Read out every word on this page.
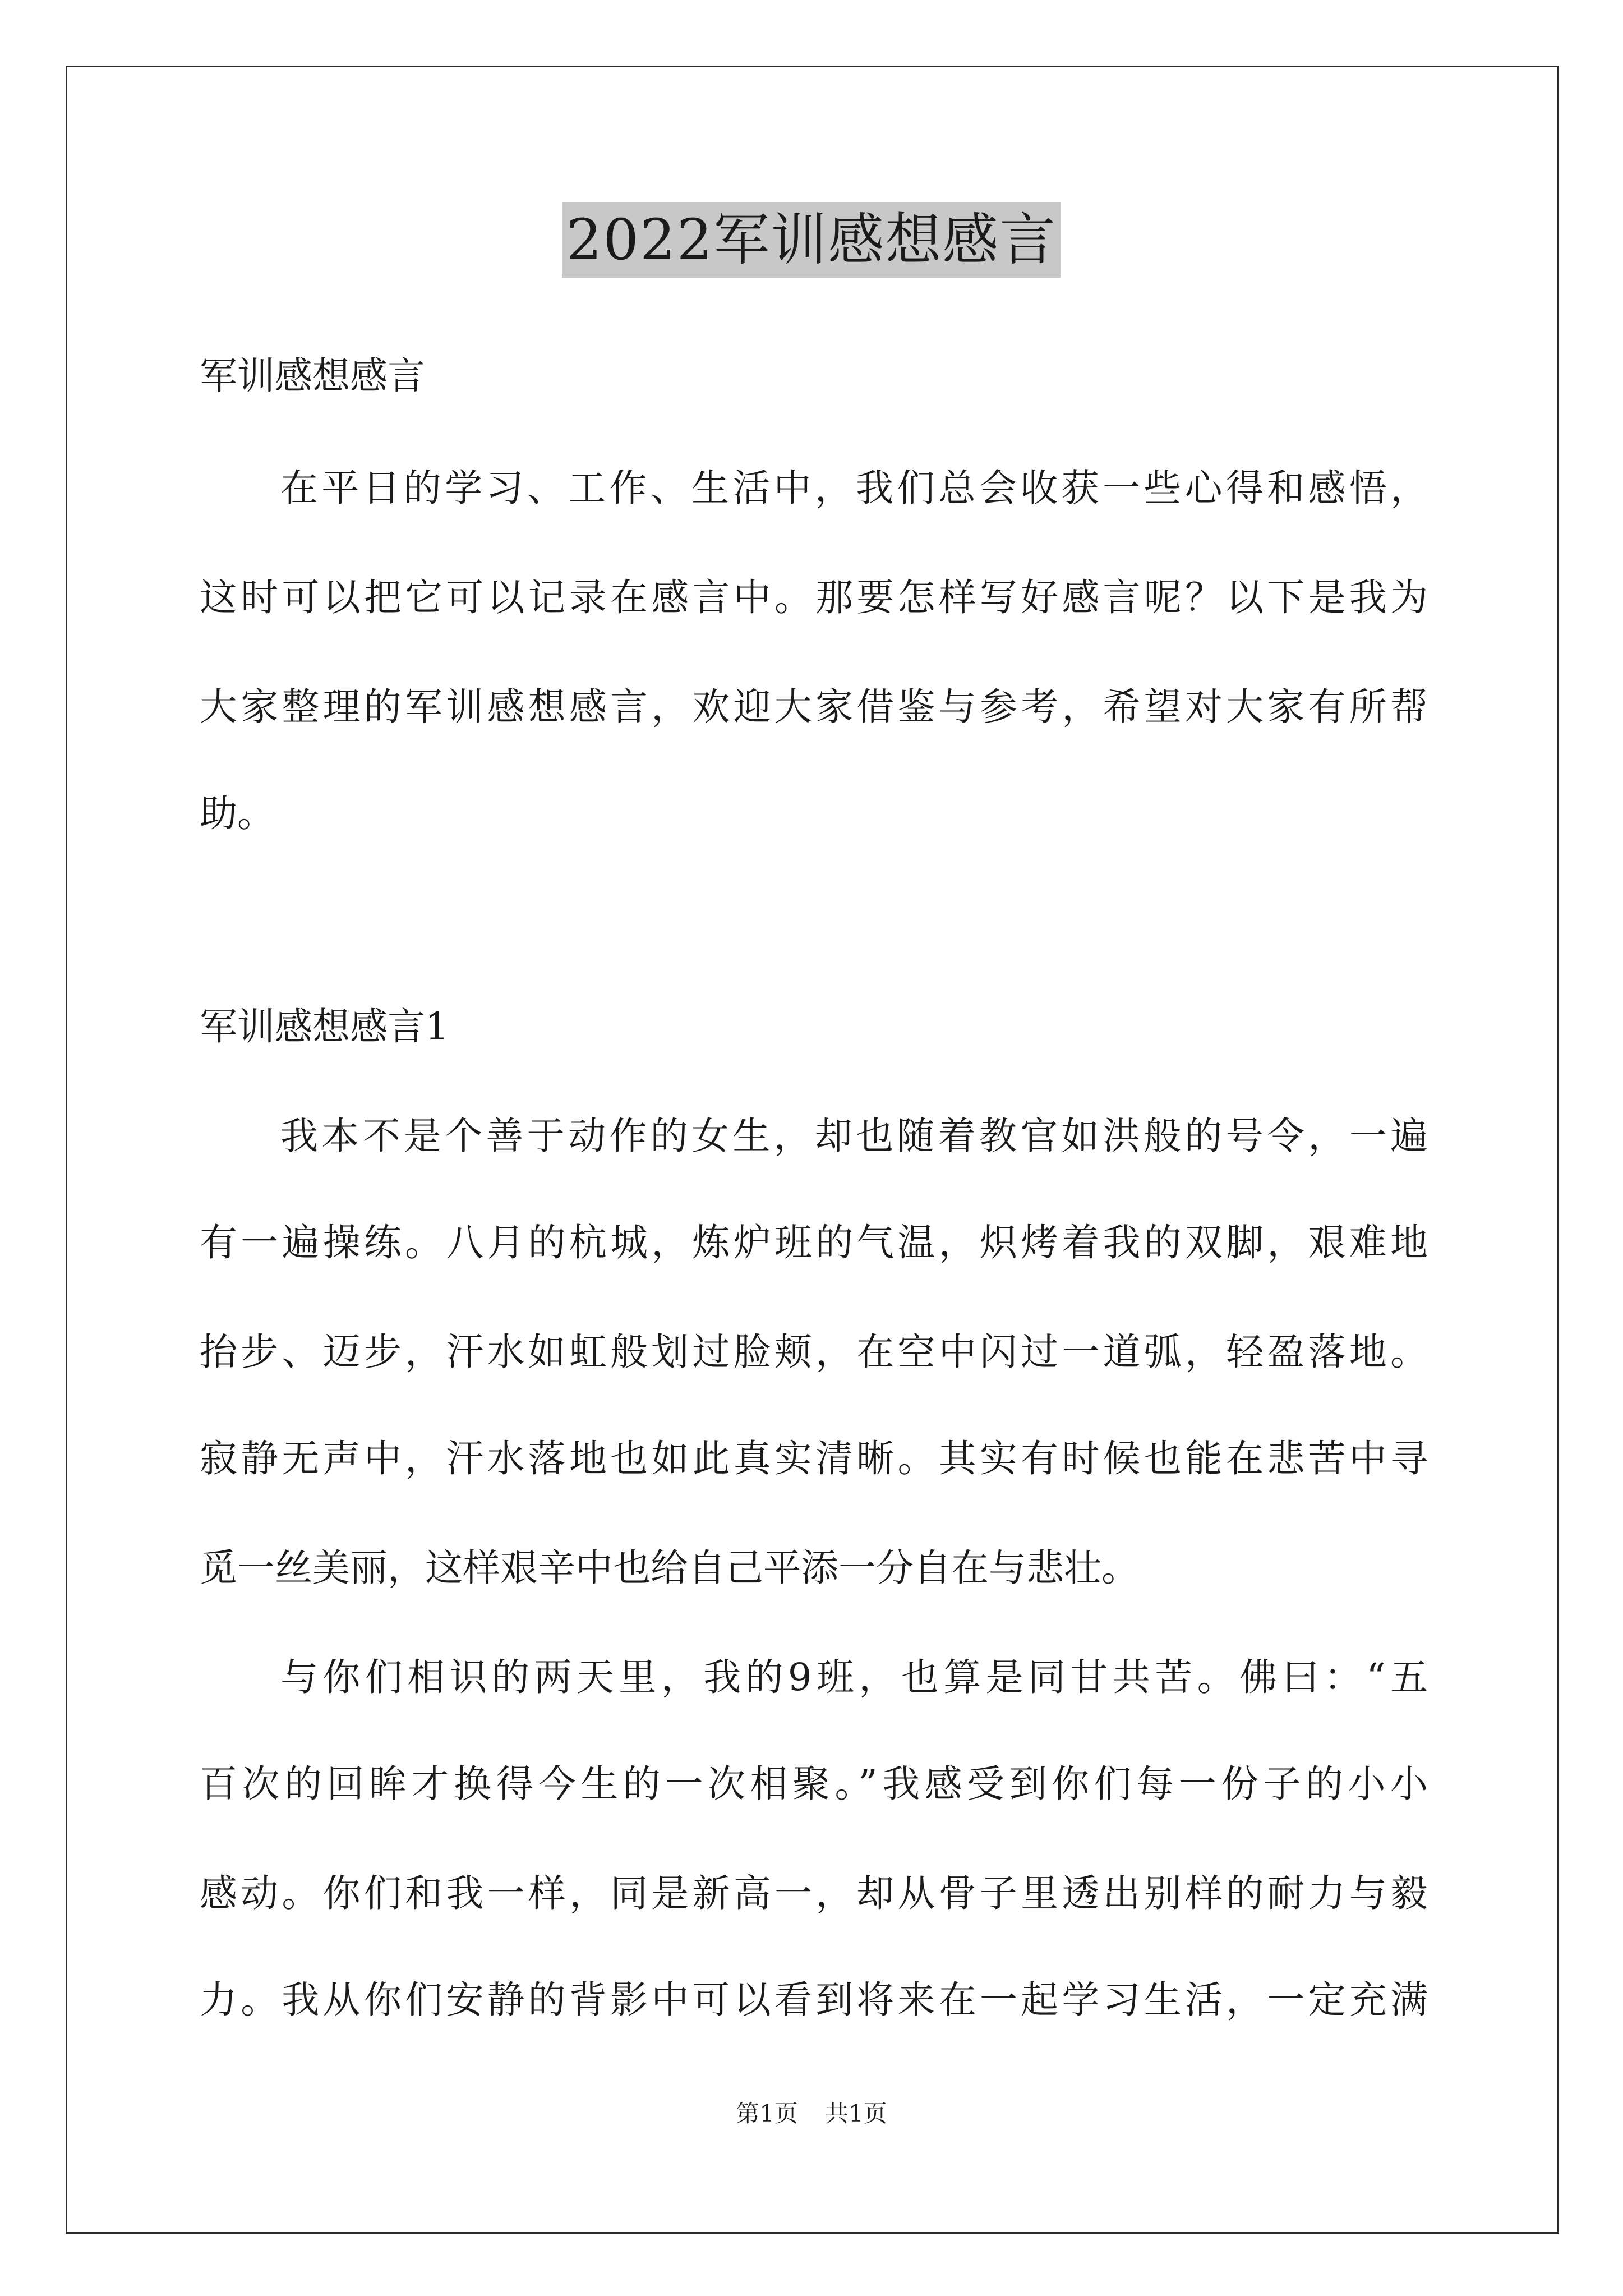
2022军训感想感言
军训感想感言
在平日的学习、工作、生活中，我们总会收获一些心得和感悟，
这时可以把它可以记录在感言中。那要怎样写好感言呢？以下是我为
大家整理的军训感想感言，欢迎大家借鉴与参考，希望对大家有所帮
助。
军训感想感言1
我本不是个善于动作的女生，却也随着教官如洪般的号令，一遍
有一遍操练。八月的杭城，炼炉班的气温，炽烤着我的双脚，艰难地
抬步、迈步，汗水如虹般划过脸颊，在空中闪过一道弧，轻盈落地。
寂静无声中，汗水落地也如此真实清晰。其实有时候也能在悲苦中寻
觅一丝美丽，这样艰辛中也给自己平添一分自在与悲壮。
与你们相识的两天里，我的9班，也算是同甘共苦。佛曰：“五
百次的回眸才换得今生的一次相聚。”我感受到你们每一份子的小小
感动。你们和我一样，同是新高一，却从骨子里透出别样的耐力与毅
力。我从你们安静的背影中可以看到将来在一起学习生活，一定充满
第1页 共1页
